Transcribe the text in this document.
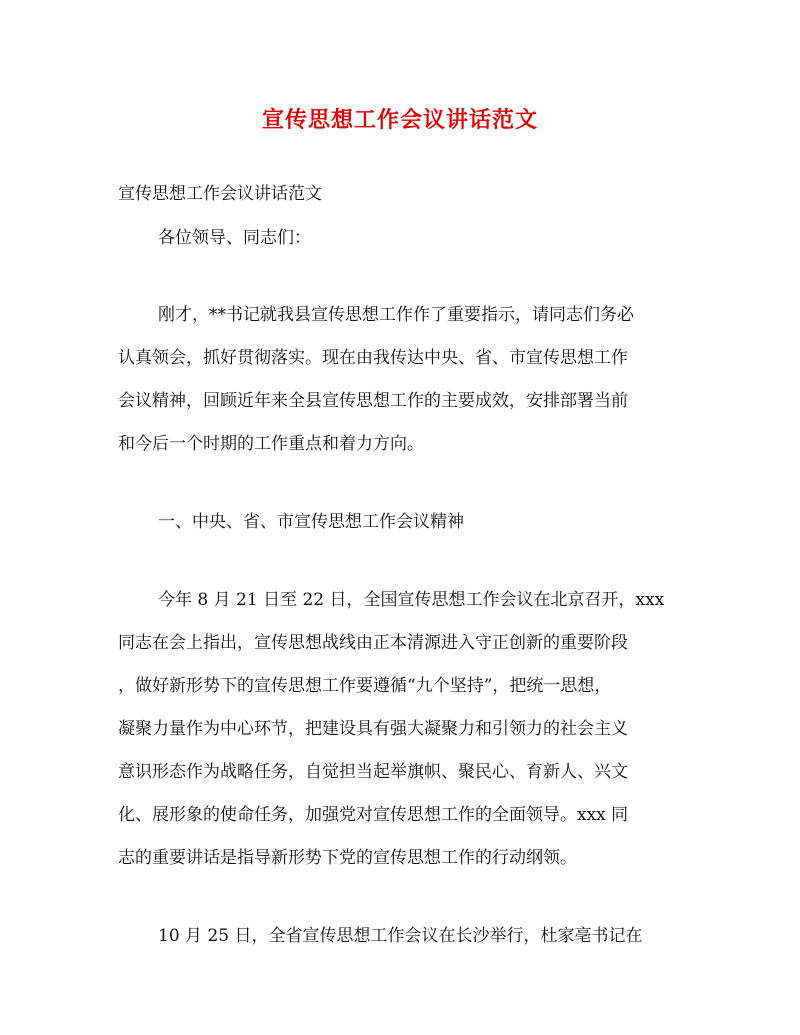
宣传思想工作会议讲话范文
宣传思想工作会议讲话范文
各位领导、同志们：
刚才，**书记就我县宣传思想工作作了重要指示，请同志们务必
认真领会，抓好贯彻落实。现在由我传达中央、省、市宣传思想工作
会议精神，回顾近年来全县宣传思想工作的主要成效，安排部署当前
和今后一个时期的工作重点和着力方向。
一、中央、省、市宣传思想工作会议精神
今年 8 月 21 日至 22 日，全国宣传思想工作会议在北京召开，xxx
同志在会上指出，宣传思想战线由正本清源进入守正创新的重要阶段
，做好新形势下的宣传思想工作要遵循“九个坚持”，把统一思想，
凝聚力量作为中心环节，把建设具有强大凝聚力和引领力的社会主义
意识形态作为战略任务，自觉担当起举旗帜、聚民心、育新人、兴文
化、展形象的使命任务，加强党对宣传思想工作的全面领导。xxx 同
志的重要讲话是指导新形势下党的宣传思想工作的行动纲领。
10 月 25 日，全省宣传思想工作会议在长沙举行，杜家亳书记在
